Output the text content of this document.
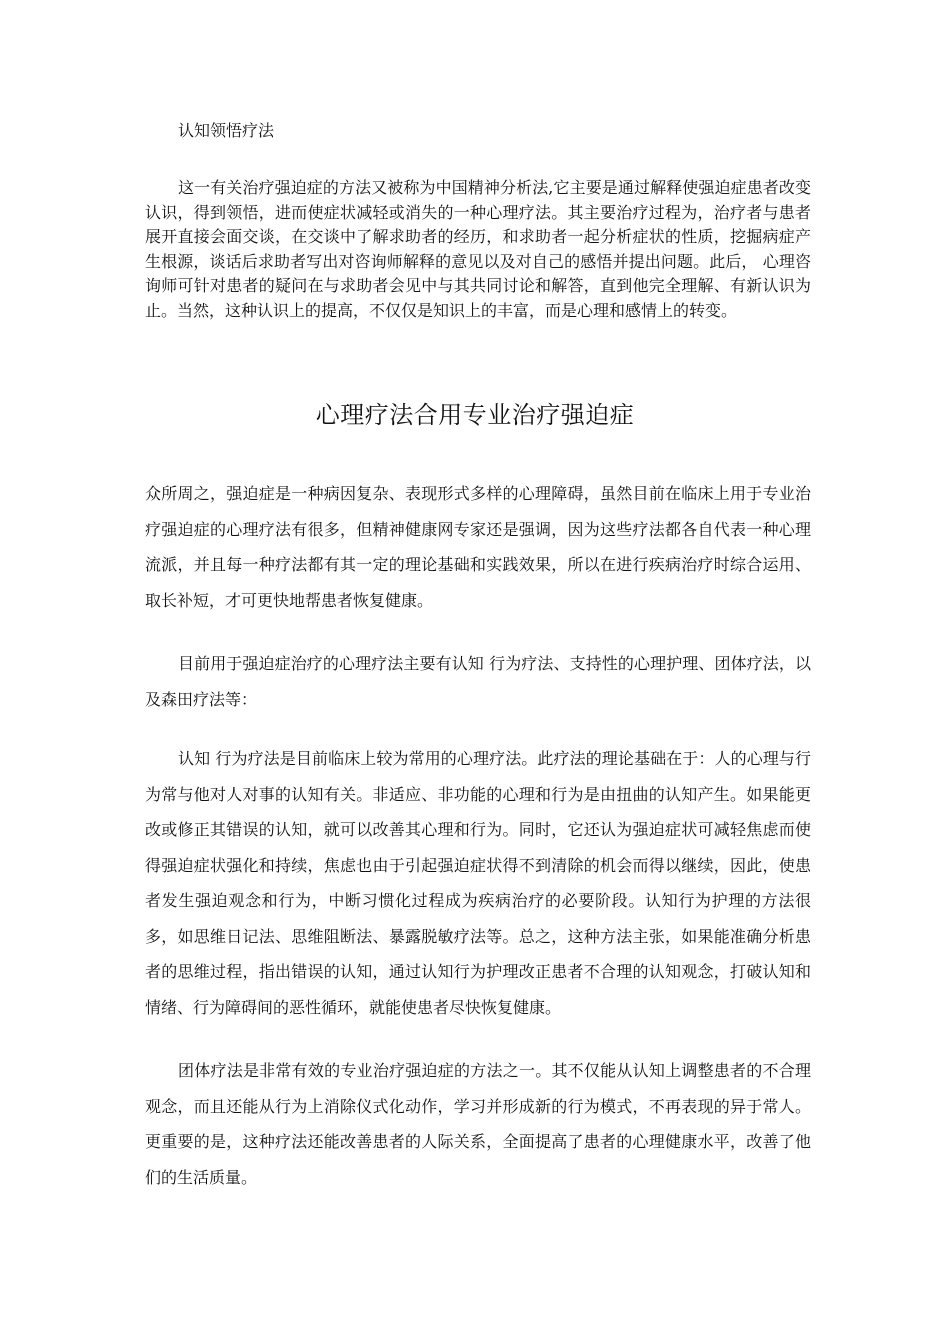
认知领悟疗法

这一有关治疗强迫症的方法又被称为中国精神分析法,它主要是通过解释使强迫症患者改变认识，得到领悟，进而使症状减轻或消失的一种心理疗法。其主要治疗过程为，治疗者与患者展开直接会面交谈，在交谈中了解求助者的经历，和求助者一起分析症状的性质，挖掘病症产生根源，谈话后求助者写出对咨询师解释的意见以及对自己的感悟并提出问题。此后， 心理咨询师可针对患者的疑问在与求助者会见中与其共同讨论和解答，直到他完全理解、有新认识为止。当然，这种认识上的提高，不仅仅是知识上的丰富，而是心理和感情上的转变。

心理疗法合用专业治疗强迫症

众所周之，强迫症是一种病因复杂、表现形式多样的心理障碍，虽然目前在临床上用于专业治疗强迫症的心理疗法有很多，但精神健康网专家还是强调，因为这些疗法都各自代表一种心理流派，并且每一种疗法都有其一定的理论基础和实践效果，所以在进行疾病治疗时综合运用、取长补短，才可更快地帮患者恢复健康。

目前用于强迫症治疗的心理疗法主要有认知 行为疗法、支持性的心理护理、团体疗法，以及森田疗法等：

认知 行为疗法是目前临床上较为常用的心理疗法。此疗法的理论基础在于：人的心理与行为常与他对人对事的认知有关。非适应、非功能的心理和行为是由扭曲的认知产生。如果能更改或修正其错误的认知，就可以改善其心理和行为。同时，它还认为强迫症状可减轻焦虑而使得强迫症状强化和持续，焦虑也由于引起强迫症状得不到清除的机会而得以继续，因此，使患者发生强迫观念和行为，中断习惯化过程成为疾病治疗的必要阶段。认知行为护理的方法很多，如思维日记法、思维阻断法、暴露脱敏疗法等。总之，这种方法主张，如果能准确分析患者的思维过程，指出错误的认知，通过认知行为护理改正患者不合理的认知观念，打破认知和情绪、行为障碍间的恶性循环，就能使患者尽快恢复健康。

团体疗法是非常有效的专业治疗强迫症的方法之一。其不仅能从认知上调整患者的不合理观念，而且还能从行为上消除仪式化动作，学习并形成新的行为模式，不再表现的异于常人。更重要的是，这种疗法还能改善患者的人际关系，全面提高了患者的心理健康水平，改善了他们的生活质量。
